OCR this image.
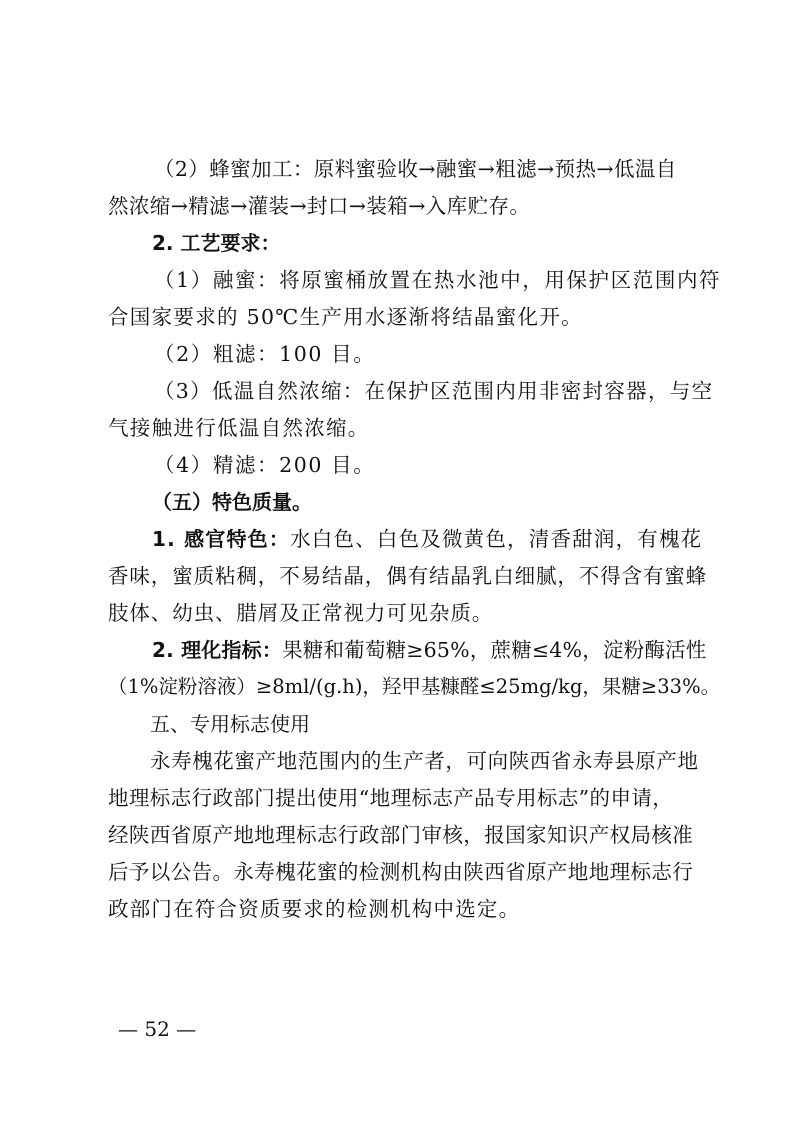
（2）蜂蜜加工：原料蜜验收→融蜜→粗滤→预热→低温自
然浓缩→精滤→灌装→封口→装箱→入库贮存。
2. 工艺要求：
（1）融蜜：将原蜜桶放置在热水池中，用保护区范围内符
合国家要求的 50℃生产用水逐渐将结晶蜜化开。
（2）粗滤：100 目。
（3）低温自然浓缩：在保护区范围内用非密封容器，与空
气接触进行低温自然浓缩。
（4）精滤：200 目。
（五）特色质量。
1. 感官特色：水白色、白色及微黄色，清香甜润，有槐花
香味，蜜质粘稠，不易结晶，偶有结晶乳白细腻，不得含有蜜蜂
肢体、幼虫、腊屑及正常视力可见杂质。
2. 理化指标：果糖和葡萄糖≥65%，蔗糖≤4%，淀粉酶活性
（1%淀粉溶液）≥8ml/(g.h)，羟甲基糠醛≤25mg/kg，果糖≥33%。
五、专用标志使用
永寿槐花蜜产地范围内的生产者，可向陕西省永寿县原产地
地理标志行政部门提出使用“地理标志产品专用标志”的申请，
经陕西省原产地地理标志行政部门审核，报国家知识产权局核准
后予以公告。永寿槐花蜜的检测机构由陕西省原产地地理标志行
政部门在符合资质要求的检测机构中选定。
— 52 —
